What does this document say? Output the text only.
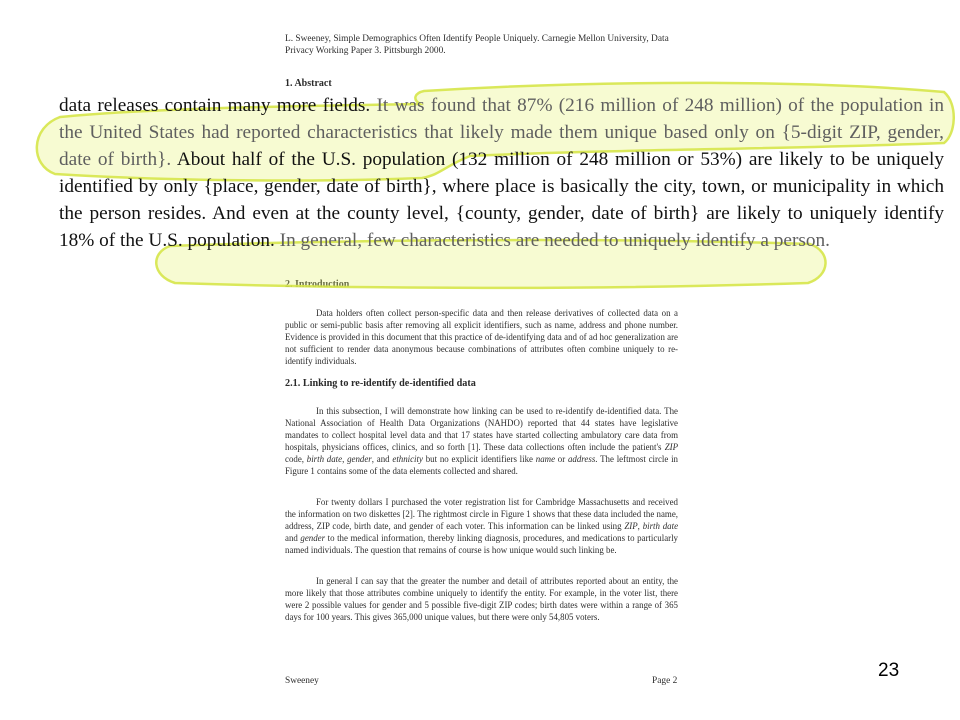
L. Sweeney, Simple Demographics Often Identify People Uniquely. Carnegie Mellon University, Data Privacy Working Paper 3. Pittsburgh 2000.
1. Abstract
2. Introduction

Data holders often collect person-specific data and then release derivatives of collected data on a public or semi-public basis after removing all explicit identifiers, such as name, address and phone number. Evidence is provided in this document that this practice of de-identifying data and of ad hoc generalization are not sufficient to render data anonymous because combinations of attributes often combine uniquely to re-identify individuals.

2.1. Linking to re-identify de-identified data

In this subsection, I will demonstrate how linking can be used to re-identify de-identified data. The National Association of Health Data Organizations (NAHDO) reported that 44 states have legislative mandates to collect hospital level data and that 17 states have started collecting ambulatory care data from hospitals, physicians offices, clinics, and so forth [1]. These data collections often include the patient's ZIP code, birth date, gender, and ethnicity but no explicit identifiers like name or address. The leftmost circle in Figure 1 contains some of the data elements collected and shared.

For twenty dollars I purchased the voter registration list for Cambridge Massachusetts and received the information on two diskettes [2]. The rightmost circle in Figure 1 shows that these data included the name, address, ZIP code, birth date, and gender of each voter. This information can be linked using ZIP, birth date and gender to the medical information, thereby linking diagnosis, procedures, and medications to particularly named individuals. The question that remains of course is how unique would such linking be.

In general I can say that the greater the number and detail of attributes reported about an entity, the more likely that those attributes combine uniquely to identify the entity. For example, in the voter list, there were 2 possible values for gender and 5 possible five-digit ZIP codes; birth dates were within a range of 365 days for 100 years. This gives 365,000 unique values, but there were only 54,805 voters.

Sweeney	Page 2

data releases contain many more fields. It was found that 87% (216 million of 248 million) of the population in the United States had reported characteristics that likely made them unique based only on {5-digit ZIP, gender, date of birth}. About half of the U.S. population (132 million of 248 million or 53%) are likely to be uniquely identified by only {place, gender, date of birth}, where place is basically the city, town, or municipality in which the person resides. And even at the county level, {county, gender, date of birth} are likely to uniquely identify 18% of the U.S. population. In general, few characteristics are needed to uniquely identify a person.

23
